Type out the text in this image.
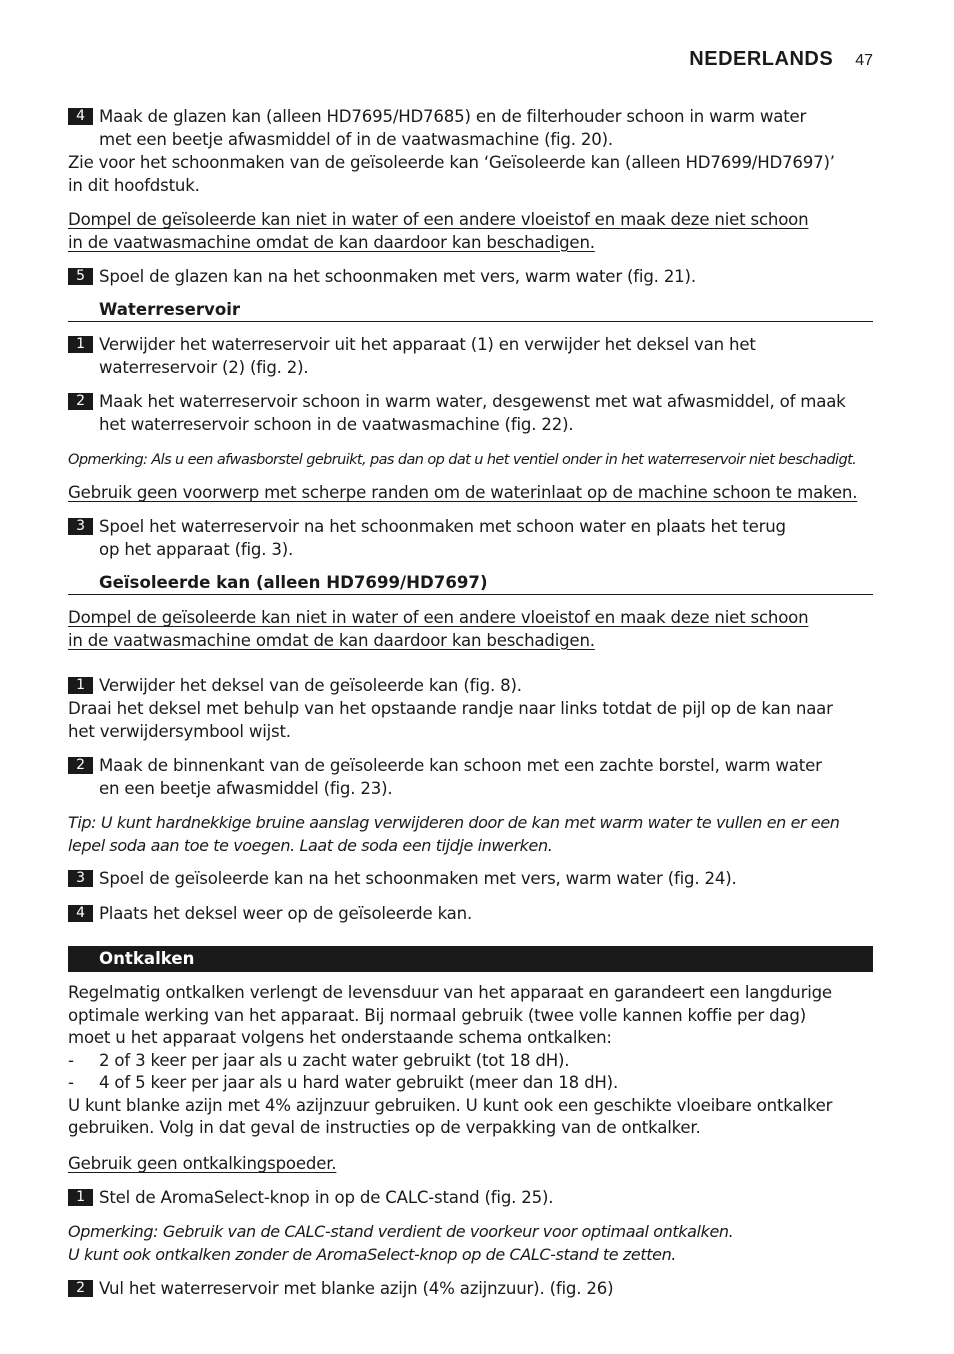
NEDERLANDS 47
4 Maak de glazen kan (alleen HD7695/HD7685) en de filterhouder schoon in warm water
met een beetje afwasmiddel of in de vaatwasmachine (fig. 20).
Zie voor het schoonmaken van de geïsoleerde kan ‘Geïsoleerde kan (alleen HD7699/HD7697)’
in dit hoofdstuk.
Dompel de geïsoleerde kan niet in water of een andere vloeistof en maak deze niet schoon
in de vaatwasmachine omdat de kan daardoor kan beschadigen.
5 Spoel de glazen kan na het schoonmaken met vers, warm water (fig. 21).
Waterreservoir
1 Verwijder het waterreservoir uit het apparaat (1) en verwijder het deksel van het
waterreservoir (2) (fig. 2).
2 Maak het waterreservoir schoon in warm water, desgewenst met wat afwasmiddel, of maak
het waterreservoir schoon in de vaatwasmachine (fig. 22).
Opmerking: Als u een afwasborstel gebruikt, pas dan op dat u het ventiel onder in het waterreservoir niet beschadigt.
Gebruik geen voorwerp met scherpe randen om de waterinlaat op de machine schoon te maken.
3 Spoel het waterreservoir na het schoonmaken met schoon water en plaats het terug
op het apparaat (fig. 3).
Geïsoleerde kan (alleen HD7699/HD7697)
Dompel de geïsoleerde kan niet in water of een andere vloeistof en maak deze niet schoon
in de vaatwasmachine omdat de kan daardoor kan beschadigen.
1 Verwijder het deksel van de geïsoleerde kan (fig. 8).
Draai het deksel met behulp van het opstaande randje naar links totdat de pijl op de kan naar
het verwijdersymbool wijst.
2 Maak de binnenkant van de geïsoleerde kan schoon met een zachte borstel, warm water
en een beetje afwasmiddel (fig. 23).
Tip: U kunt hardnekkige bruine aanslag verwijderen door de kan met warm water te vullen en er een
lepel soda aan toe te voegen. Laat de soda een tijdje inwerken.
3 Spoel de geïsoleerde kan na het schoonmaken met vers, warm water (fig. 24).
4 Plaats het deksel weer op de geïsoleerde kan.
Ontkalken
Regelmatig ontkalken verlengt de levensduur van het apparaat en garandeert een langdurige
optimale werking van het apparaat. Bij normaal gebruik (twee volle kannen koffie per dag)
moet u het apparaat volgens het onderstaande schema ontkalken:
- 2 of 3 keer per jaar als u zacht water gebruikt (tot 18 dH).
- 4 of 5 keer per jaar als u hard water gebruikt (meer dan 18 dH).
U kunt blanke azijn met 4% azijnzuur gebruiken. U kunt ook een geschikte vloeibare ontkalker
gebruiken. Volg in dat geval de instructies op de verpakking van de ontkalker.
Gebruik geen ontkalkingspoeder.
1 Stel de AromaSelect-knop in op de CALC-stand (fig. 25).
Opmerking: Gebruik van de CALC-stand verdient de voorkeur voor optimaal ontkalken.
U kunt ook ontkalken zonder de AromaSelect-knop op de CALC-stand te zetten.
2 Vul het waterreservoir met blanke azijn (4% azijnzuur). (fig. 26)
